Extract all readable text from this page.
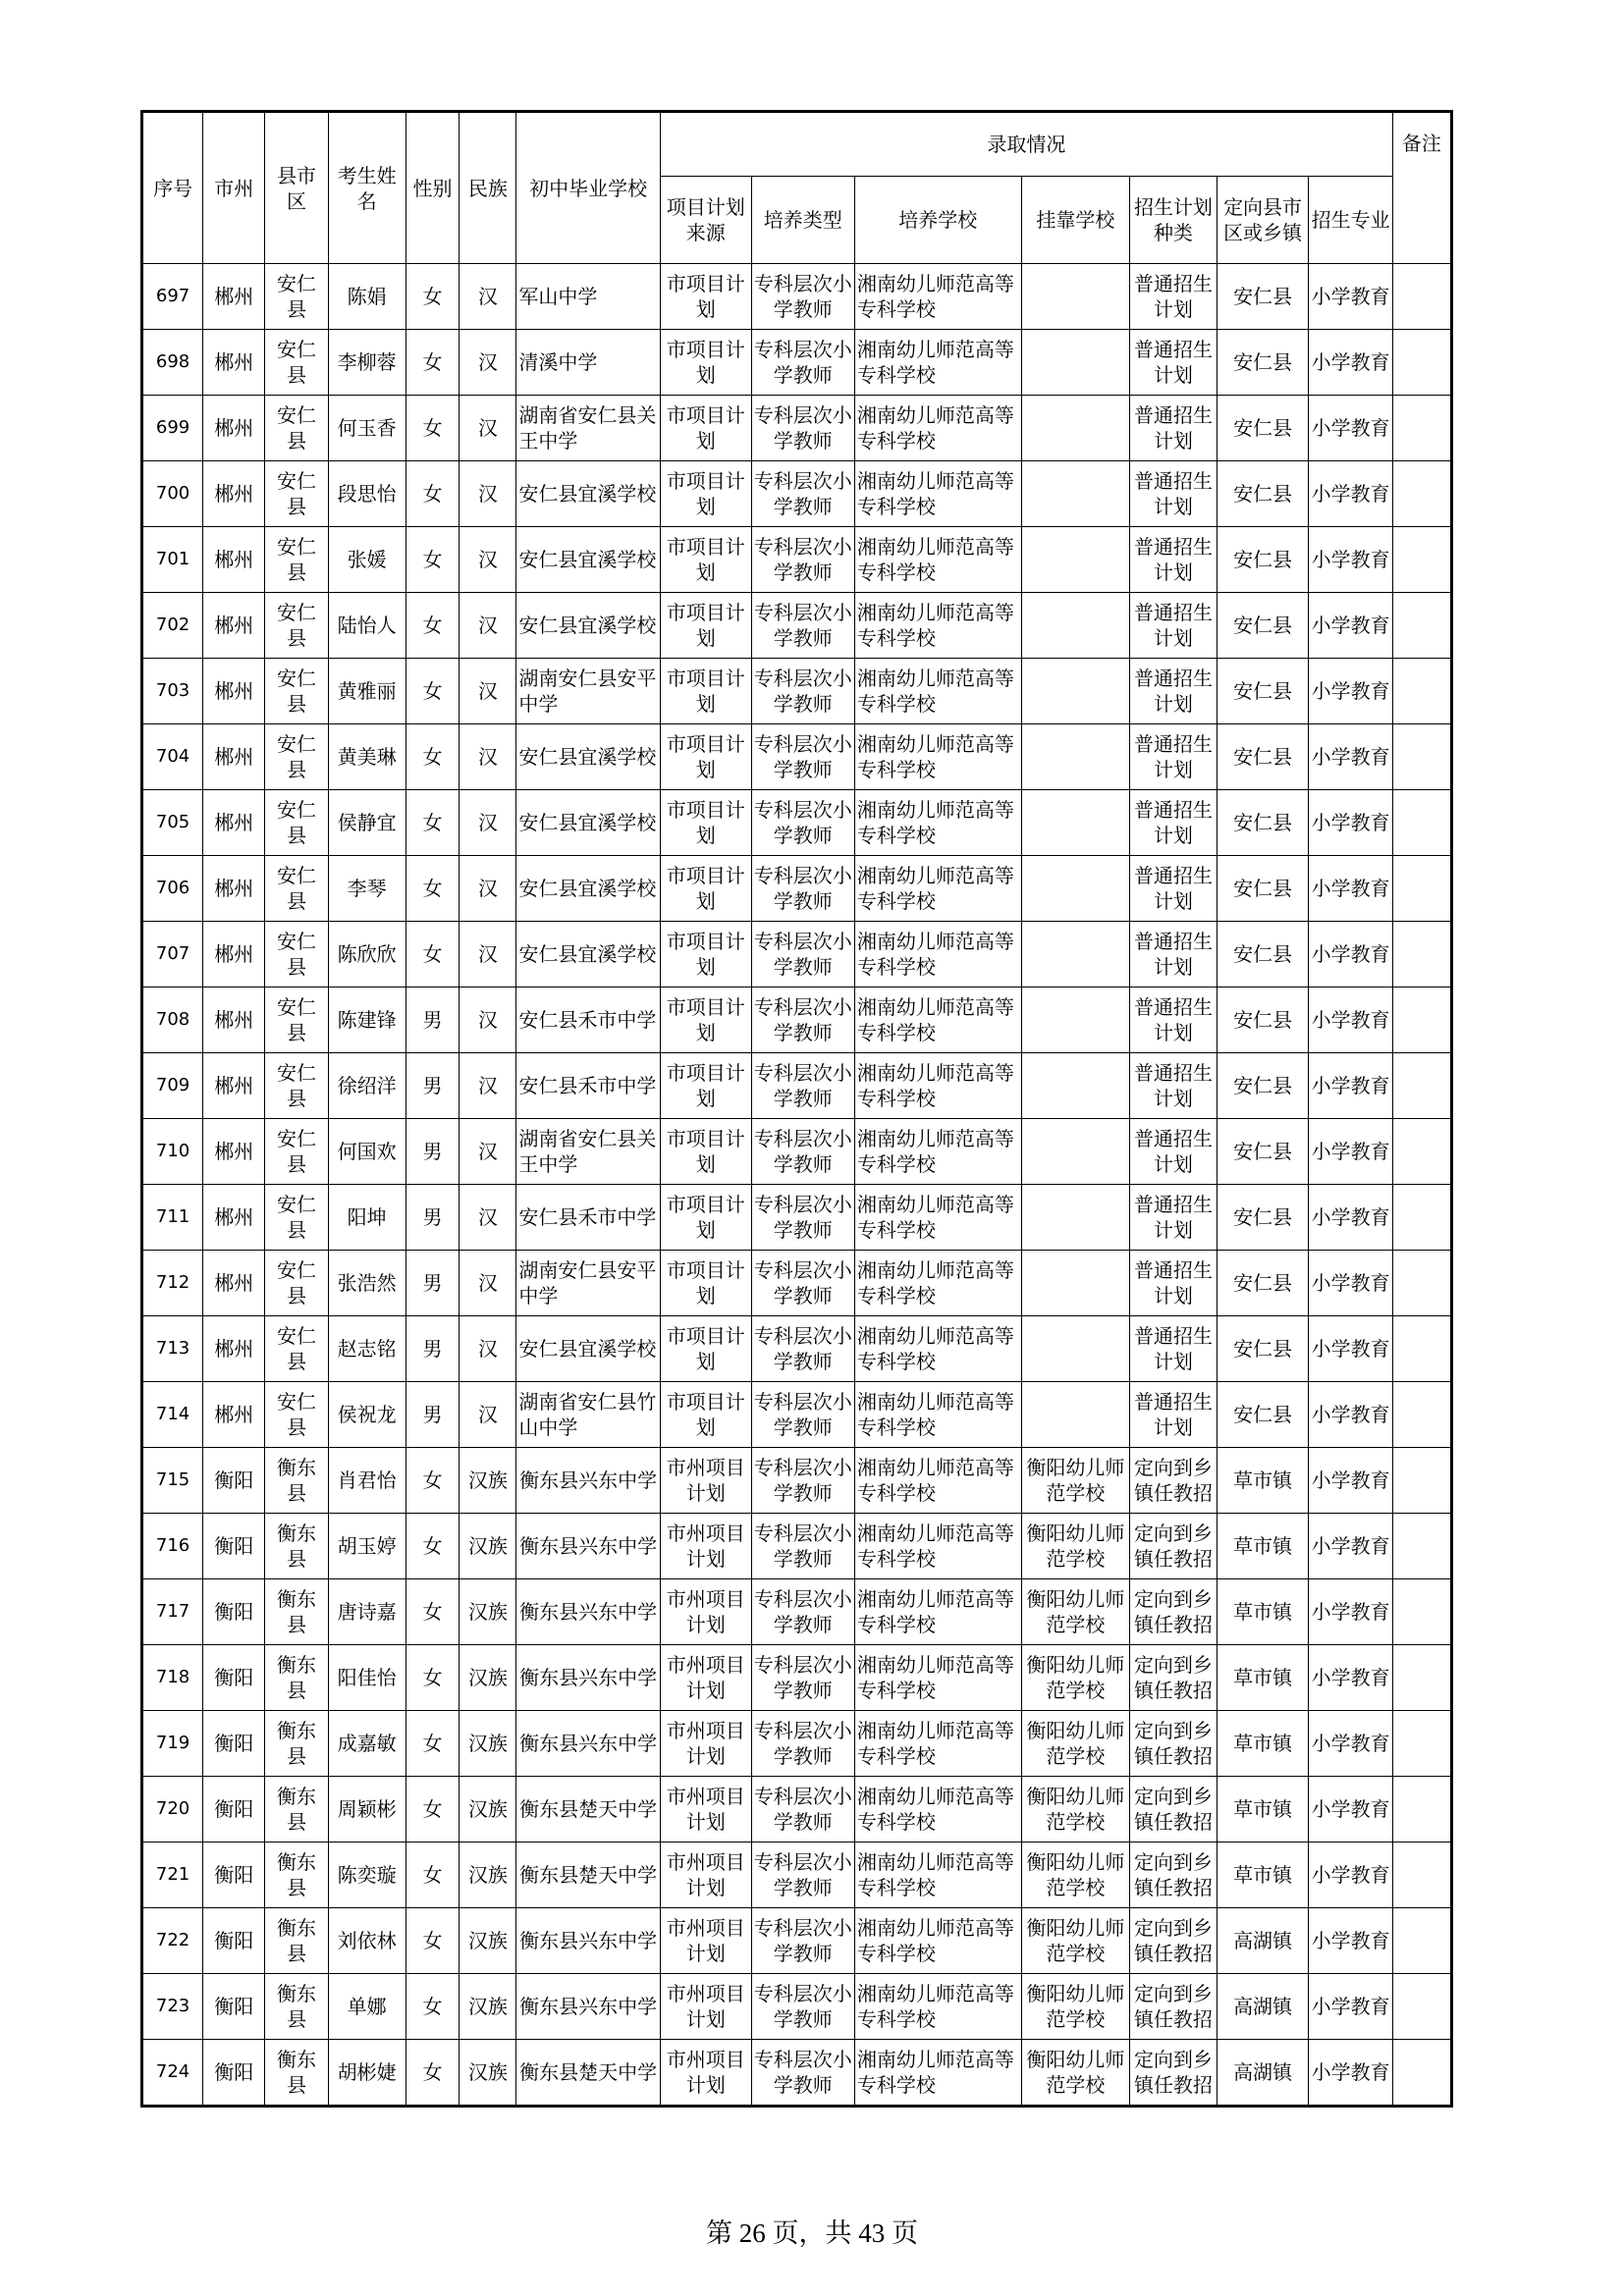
序号	市州	县市区	考生姓名	性别	民族	初中毕业学校	录取情况							备注
							项目计划来源	培养类型	培养学校	挂靠学校	招生计划种类	定向县市区或乡镇	招生专业	

697	郴州	安仁县	陈娟	女	汉	军山中学	市项目计划	专科层次小学教师	湘南幼儿师范高等专科学校		普通招生计划	安仁县	小学教育	

698	郴州	安仁县	李柳蓉	女	汉	清溪中学	市项目计划	专科层次小学教师	湘南幼儿师范高等专科学校		普通招生计划	安仁县	小学教育	

699	郴州	安仁县	何玉香	女	汉	湖南省安仁县关王中学	市项目计划	专科层次小学教师	湘南幼儿师范高等专科学校		普通招生计划	安仁县	小学教育	

700	郴州	安仁县	段思怡	女	汉	安仁县宜溪学校	市项目计划	专科层次小学教师	湘南幼儿师范高等专科学校		普通招生计划	安仁县	小学教育	

701	郴州	安仁县	张媛	女	汉	安仁县宜溪学校	市项目计划	专科层次小学教师	湘南幼儿师范高等专科学校		普通招生计划	安仁县	小学教育	

702	郴州	安仁县	陆怡人	女	汉	安仁县宜溪学校	市项目计划	专科层次小学教师	湘南幼儿师范高等专科学校		普通招生计划	安仁县	小学教育	

703	郴州	安仁县	黄雅丽	女	汉	湖南安仁县安平中学	市项目计划	专科层次小学教师	湘南幼儿师范高等专科学校		普通招生计划	安仁县	小学教育	

704	郴州	安仁县	黄美琳	女	汉	安仁县宜溪学校	市项目计划	专科层次小学教师	湘南幼儿师范高等专科学校		普通招生计划	安仁县	小学教育	

705	郴州	安仁县	侯静宜	女	汉	安仁县宜溪学校	市项目计划	专科层次小学教师	湘南幼儿师范高等专科学校		普通招生计划	安仁县	小学教育	

706	郴州	安仁县	李琴	女	汉	安仁县宜溪学校	市项目计划	专科层次小学教师	湘南幼儿师范高等专科学校		普通招生计划	安仁县	小学教育	

707	郴州	安仁县	陈欣欣	女	汉	安仁县宜溪学校	市项目计划	专科层次小学教师	湘南幼儿师范高等专科学校		普通招生计划	安仁县	小学教育	

708	郴州	安仁县	陈建锋	男	汉	安仁县禾市中学	市项目计划	专科层次小学教师	湘南幼儿师范高等专科学校		普通招生计划	安仁县	小学教育	

709	郴州	安仁县	徐绍洋	男	汉	安仁县禾市中学	市项目计划	专科层次小学教师	湘南幼儿师范高等专科学校		普通招生计划	安仁县	小学教育	

710	郴州	安仁县	何国欢	男	汉	湖南省安仁县关王中学	市项目计划	专科层次小学教师	湘南幼儿师范高等专科学校		普通招生计划	安仁县	小学教育	

711	郴州	安仁县	阳坤	男	汉	安仁县禾市中学	市项目计划	专科层次小学教师	湘南幼儿师范高等专科学校		普通招生计划	安仁县	小学教育	

712	郴州	安仁县	张浩然	男	汉	湖南安仁县安平中学	市项目计划	专科层次小学教师	湘南幼儿师范高等专科学校		普通招生计划	安仁县	小学教育	

713	郴州	安仁县	赵志铭	男	汉	安仁县宜溪学校	市项目计划	专科层次小学教师	湘南幼儿师范高等专科学校		普通招生计划	安仁县	小学教育	

714	郴州	安仁县	侯祝龙	男	汉	湖南省安仁县竹山中学	市项目计划	专科层次小学教师	湘南幼儿师范高等专科学校		普通招生计划	安仁县	小学教育	

715	衡阳	衡东县	肖君怡	女	汉族	衡东县兴东中学	市州项目计划	专科层次小学教师	湘南幼儿师范高等专科学校	衡阳幼儿师范学校	定向到乡镇任教招	草市镇	小学教育	

716	衡阳	衡东县	胡玉婷	女	汉族	衡东县兴东中学	市州项目计划	专科层次小学教师	湘南幼儿师范高等专科学校	衡阳幼儿师范学校	定向到乡镇任教招	草市镇	小学教育	

717	衡阳	衡东县	唐诗嘉	女	汉族	衡东县兴东中学	市州项目计划	专科层次小学教师	湘南幼儿师范高等专科学校	衡阳幼儿师范学校	定向到乡镇任教招	草市镇	小学教育	

718	衡阳	衡东县	阳佳怡	女	汉族	衡东县兴东中学	市州项目计划	专科层次小学教师	湘南幼儿师范高等专科学校	衡阳幼儿师范学校	定向到乡镇任教招	草市镇	小学教育	

719	衡阳	衡东县	成嘉敏	女	汉族	衡东县兴东中学	市州项目计划	专科层次小学教师	湘南幼儿师范高等专科学校	衡阳幼儿师范学校	定向到乡镇任教招	草市镇	小学教育	

720	衡阳	衡东县	周颖彬	女	汉族	衡东县楚天中学	市州项目计划	专科层次小学教师	湘南幼儿师范高等专科学校	衡阳幼儿师范学校	定向到乡镇任教招	草市镇	小学教育	

721	衡阳	衡东县	陈奕璇	女	汉族	衡东县楚天中学	市州项目计划	专科层次小学教师	湘南幼儿师范高等专科学校	衡阳幼儿师范学校	定向到乡镇任教招	草市镇	小学教育	

722	衡阳	衡东县	刘依林	女	汉族	衡东县兴东中学	市州项目计划	专科层次小学教师	湘南幼儿师范高等专科学校	衡阳幼儿师范学校	定向到乡镇任教招	高湖镇	小学教育	

723	衡阳	衡东县	单娜	女	汉族	衡东县兴东中学	市州项目计划	专科层次小学教师	湘南幼儿师范高等专科学校	衡阳幼儿师范学校	定向到乡镇任教招	高湖镇	小学教育	

724	衡阳	衡东县	胡彬婕	女	汉族	衡东县楚天中学	市州项目计划	专科层次小学教师	湘南幼儿师范高等专科学校	衡阳幼儿师范学校	定向到乡镇任教招	高湖镇	小学教育	

第 26 页，共 43 页
